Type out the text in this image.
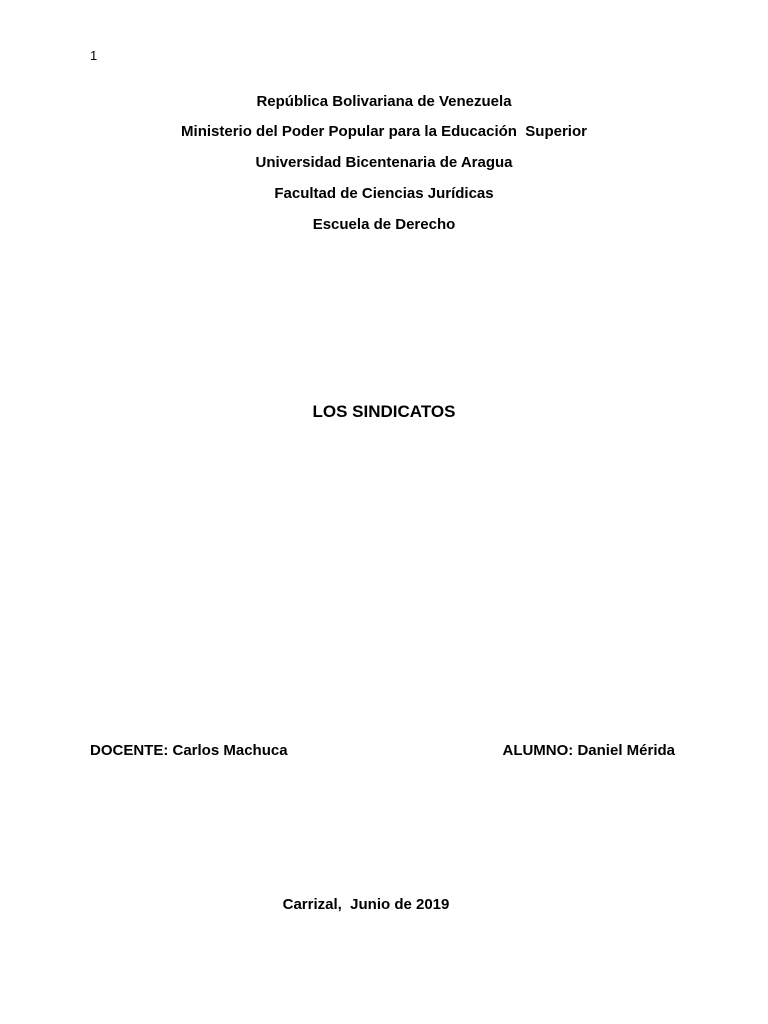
1
República Bolivariana de Venezuela
Ministerio del Poder Popular para la Educación  Superior
Universidad Bicentenaria de Aragua
Facultad de Ciencias Jurídicas
Escuela de Derecho
LOS SINDICATOS
DOCENTE: Carlos Machuca	ALUMNO: Daniel Mérida
Carrizal,  Junio de 2019
